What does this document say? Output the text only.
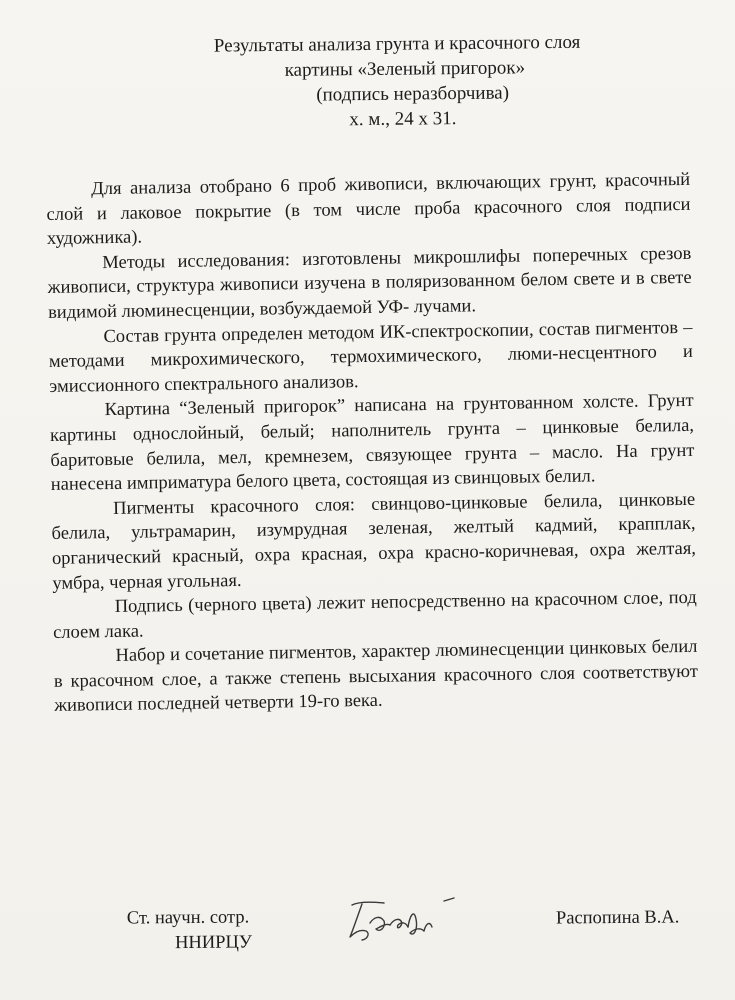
Результаты анализа грунта и красочного слоя
картины «Зеленый пригорок»
(подпись неразборчива)
х. м., 24 х 31.

Для анализа отобрано 6 проб живописи, включающих грунт, красочный слой и лаковое покрытие (в том числе проба красочного слоя подписи художника).

Методы исследования: изготовлены микрошлифы поперечных срезов живописи, структура живописи изучена в поляризованном белом свете и в свете видимой люминесценции, возбуждаемой УФ- лучами.

Состав грунта определен методом ИК-спектроскопии, состав пигментов – методами микрохимического, термохимического, люми-несцентного и эмиссионного спектрального анализов.

Картина “Зеленый пригорок” написана на грунтованном холсте. Грунт картины однослойный, белый; наполнитель грунта – цинковые белила, баритовые белила, мел, кремнезем, связующее грунта – масло. На грунт нанесена имприматура белого цвета, состоящая из свинцовых белил.

Пигменты красочного слоя: свинцово-цинковые белила, цинковые белила, ультрамарин, изумрудная зеленая, желтый кадмий, крапплак, органический красный, охра красная, охра красно-коричневая, охра желтая, умбра, черная угольная.

Подпись (черного цвета) лежит непосредственно на красочном слое, под слоем лака.

Набор и сочетание пигментов, характер люминесценции цинковых белил в красочном слое, а также степень высыхания красочного слоя соответствуют живописи последней четверти 19-го века.

Ст. научн. сотр.
ННИРЦУ
Распопина В.А.
